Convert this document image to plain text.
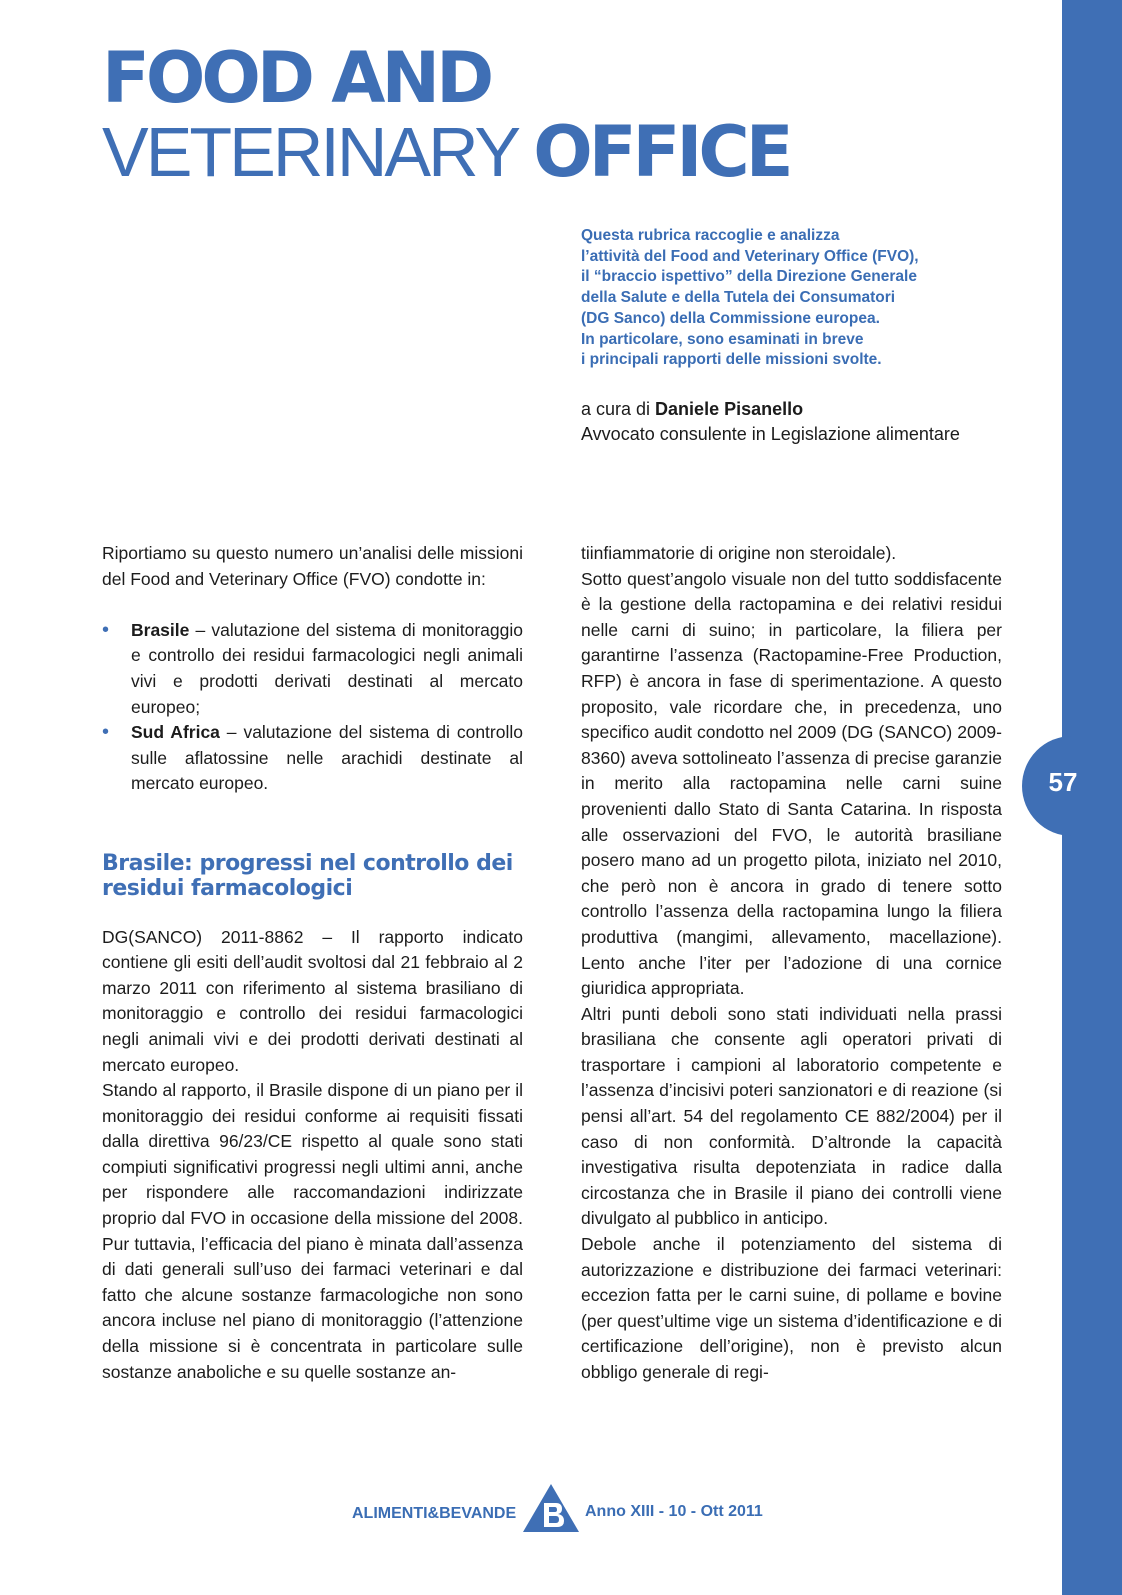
57
FOOD AND
VETERINARY OFFICE
Questa rubrica raccoglie e analizza
l’attività del Food and Veterinary Office (FVO),
il “braccio ispettivo” della Direzione Generale
della Salute e della Tutela dei Consumatori
(DG Sanco) della Commissione europea.
In particolare, sono esaminati in breve
i principali rapporti delle missioni svolte.
a cura di Daniele Pisanello
Avvocato consulente in Legislazione alimentare

Riportiamo su questo numero un’analisi delle missioni del Food and Veterinary Office (FVO) condotte in:

• Brasile – valutazione del sistema di monitoraggio e controllo dei residui farmacologici negli animali vivi e prodotti derivati destinati al mercato europeo;
• Sud Africa – valutazione del sistema di controllo sulle aflatossine nelle arachidi destinate al mercato europeo.
Brasile: progressi nel controllo dei residui farmacologici

DG(SANCO) 2011-8862 – Il rapporto indicato contiene gli esiti dell’audit svoltosi dal 21 febbraio al 2 marzo 2011 con riferimento al sistema brasiliano di monitoraggio e controllo dei residui farmacologici negli animali vivi e dei prodotti derivati destinati al mercato europeo.

Stando al rapporto, il Brasile dispone di un piano per il monitoraggio dei residui conforme ai requisiti fissati dalla direttiva 96/23/CE rispetto al quale sono stati compiuti significativi progressi negli ultimi anni, anche per rispondere alle raccomandazioni indirizzate proprio dal FVO in occasione della missione del 2008. Pur tuttavia, l’efficacia del piano è minata dall’assenza di dati generali sull’uso dei farmaci veterinari e dal fatto che alcune sostanze farmacologiche non sono ancora incluse nel piano di monitoraggio (l’attenzione della missione si è concentrata in particolare sulle sostanze anaboliche e su quelle sostanze an-

tiinfiammatorie di origine non steroidale).

Sotto quest’angolo visuale non del tutto soddisfacente è la gestione della ractopamina e dei relativi residui nelle carni di suino; in particolare, la filiera per garantirne l’assenza (Ractopamine-Free Production, RFP) è ancora in fase di sperimentazione. A questo proposito, vale ricordare che, in precedenza, uno specifico audit condotto nel 2009 (DG (SANCO) 2009-8360) aveva sottolineato l’assenza di precise garanzie in merito alla ractopamina nelle carni suine provenienti dallo Stato di Santa Catarina. In risposta alle osservazioni del FVO, le autorità brasiliane posero mano ad un progetto pilota, iniziato nel 2010, che però non è ancora in grado di tenere sotto controllo l’assenza della ractopamina lungo la filiera produttiva (mangimi, allevamento, macellazione). Lento anche l’iter per l’adozione di una cornice giuridica appropriata.

Altri punti deboli sono stati individuati nella prassi brasiliana che consente agli operatori privati di trasportare i campioni al laboratorio competente e l’assenza d’incisivi poteri sanzionatori e di reazione (si pensi all’art. 54 del regolamento CE 882/2004) per il caso di non conformità. D’altronde la capacità investigativa risulta depotenziata in radice dalla circostanza che in Brasile il piano dei controlli viene divulgato al pubblico in anticipo.

Debole anche il potenziamento del sistema di autorizzazione e distribuzione dei farmaci veterinari: eccezion fatta per le carni suine, di pollame e bovine (per quest’ultime vige un sistema d’identificazione e di certificazione dell’origine), non è previsto alcun obbligo generale di regi-

ALIMENTI&BEVANDE	Anno XIII - 10 - Ott 2011
